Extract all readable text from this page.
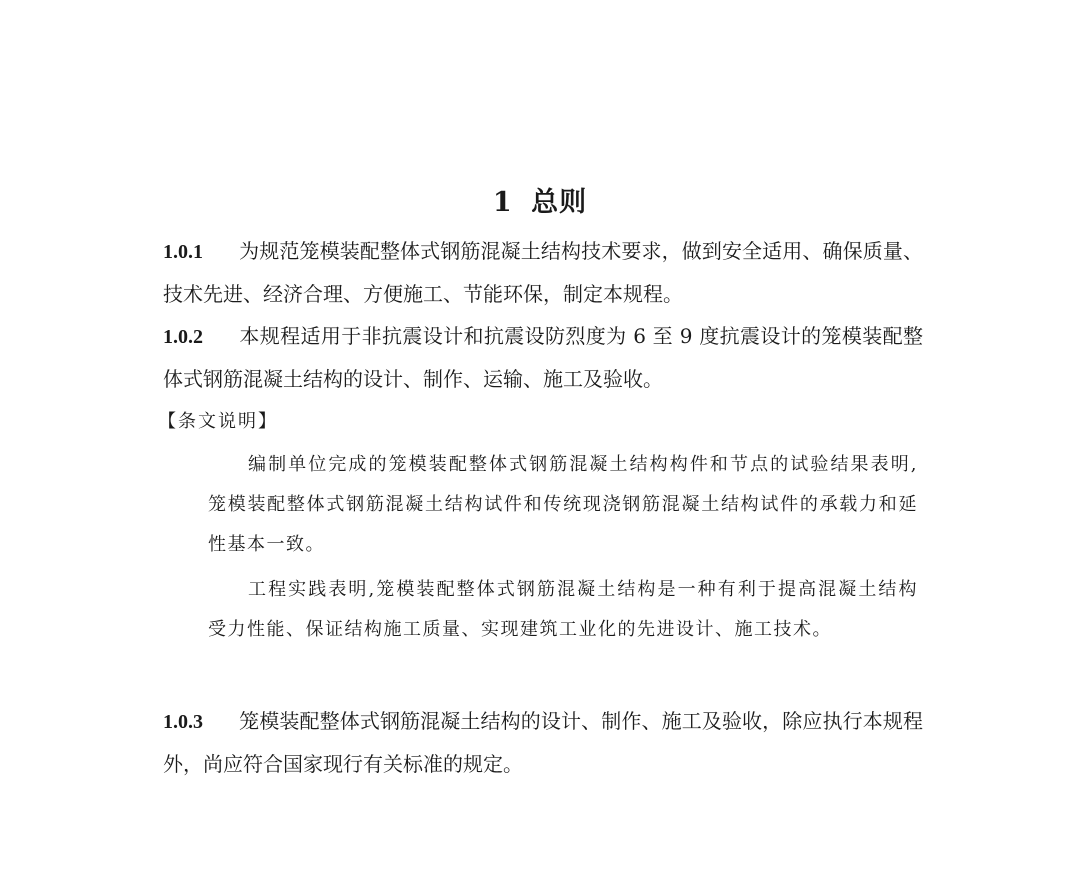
1 总则
1.0.1 为规范笼模装配整体式钢筋混凝土结构技术要求，做到安全适用、确保质量、技术先进、经济合理、方便施工、节能环保，制定本规程。
1.0.2 本规程适用于非抗震设计和抗震设防烈度为 6 至 9 度抗震设计的笼模装配整体式钢筋混凝土结构的设计、制作、运输、施工及验收。
【条文说明】
编制单位完成的笼模装配整体式钢筋混凝土结构构件和节点的试验结果表明,笼模装配整体式钢筋混凝土结构试件和传统现浇钢筋混凝土结构试件的承载力和延性基本一致。
工程实践表明,笼模装配整体式钢筋混凝土结构是一种有利于提高混凝土结构受力性能、保证结构施工质量、实现建筑工业化的先进设计、施工技术。
1.0.3 笼模装配整体式钢筋混凝土结构的设计、制作、施工及验收，除应执行本规程外，尚应符合国家现行有关标准的规定。
